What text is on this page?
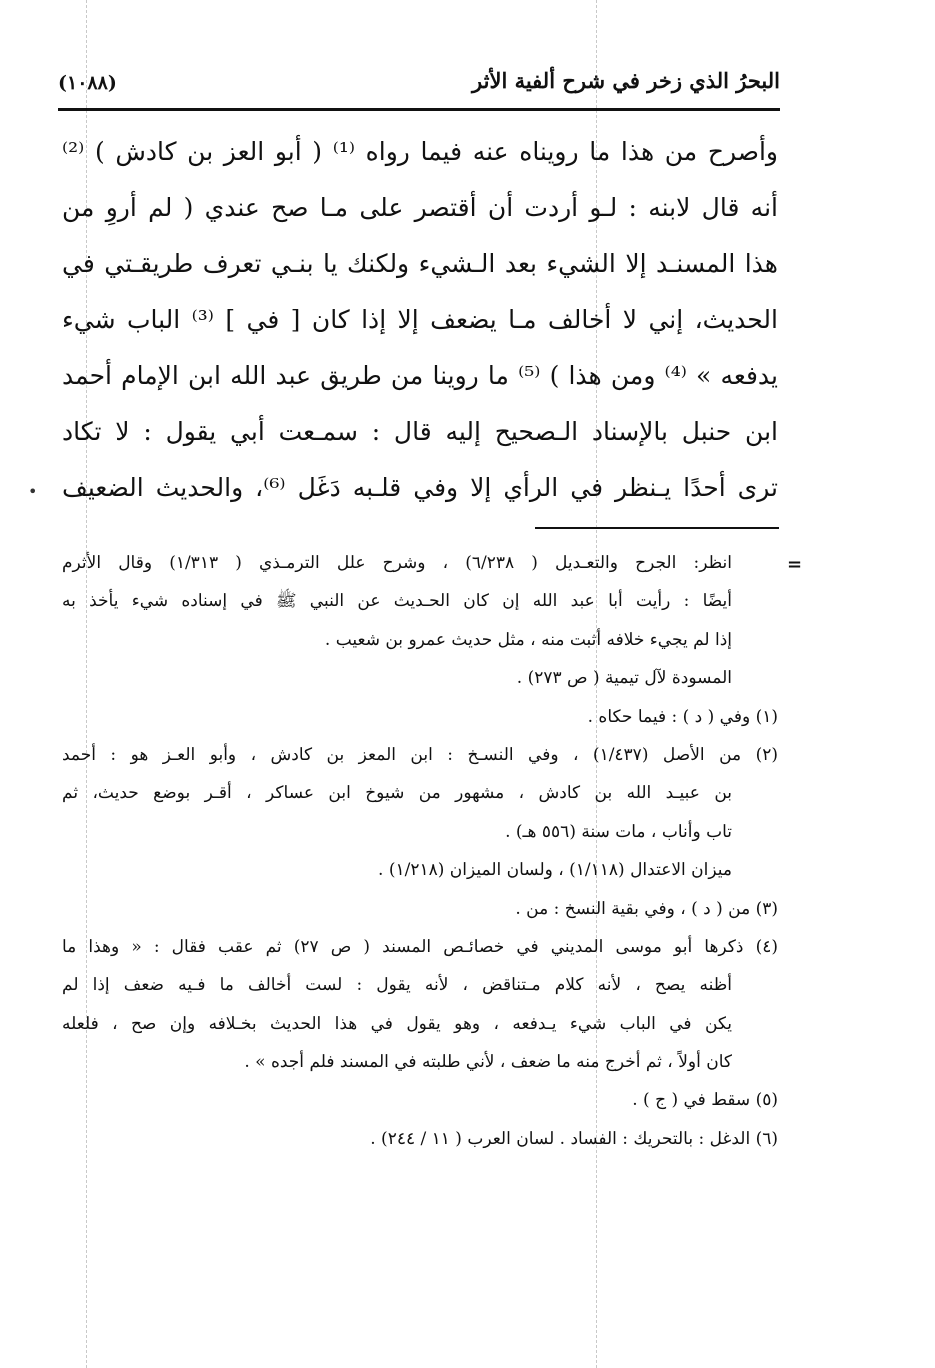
(١٠٨٨)	البحرُ الذي زخر في شرح ألفية الأثر
وأصرح من هذا ما رويناه عنه فيما رواه ⁽¹⁾ ( أبو العز بن كادش ) ⁽²⁾
أنه قال لابنه : لـو أردت أن أقتصر على مـا صح عندي ( لم أروِ من
هذا المسنـد إلا الشيء بعد الـشيء ولكنك يا بنـي تعرف طريقـتي في
الحديث، إني لا أخالف مـا يضعف إلا إذا كان [ في ] ⁽³⁾ الباب شيء
يدفعه » ⁽⁴⁾ ومن هذا ) ⁽⁵⁾ ما روينا من طريق عبد الله ابن الإمام أحمد
ابن حنبل بالإسناد الـصحيح إليه قال : سمـعت أبي يقول : لا تكاد
ترى أحدًا يـنظر في الرأي إلا وفي قلـبه دَغَل ⁽⁶⁾، والحديث الضعيف
•
=
انظر: الجرح والتعـديل ( ٦/٢٣٨) ، وشرح علل الترمـذي ( ١/٣١٣) وقال الأثرم
أيضًا : رأيت أبا عبد الله إن كان الحـديث عن النبي ﷺ في إسناده شيء يأخذ به
إذا لم يجيء خلافه أثبت منه ، مثل حديث عمرو بن شعيب .
المسودة لآل تيمية ( ص ٢٧٣) .
(١) وفي ( د ) : فيما حكاه .
(٢) من الأصل (١/٤٣٧) ، وفي النسـخ : ابن المعز بن كادش ، وأبو العـز هو : أحمد
بن عبيـد الله بن كادش ، مشهور من شيوخ ابن عساكر ، أقـر بوضع حديث، ثم
تاب وأناب ، مات سنة (٥٥٦ هـ) .
ميزان الاعتدال (١/١١٨) ، ولسان الميزان (١/٢١٨) .
(٣) من ( د ) ، وفي بقية النسخ : من .
(٤) ذكرها أبو موسى المديني في خصائـص المسند ( ص ٢٧) ثم عقب فقال : « وهذا ما
أظنه يصح ، لأنه كلام مـتناقض ، لأنه يقول : لست أخالف ما فـيه ضعف إذا لم
يكن في الباب شيء يـدفعه ، وهو يقول في هذا الحديث بخـلافه وإن صح ، فلعله
كان أولاً ، ثم أخرج منه ما ضعف ، لأني طلبته في المسند فلم أجده » .
(٥) سقط في ( ج ) .
(٦) الدغل : بالتحريك : الفساد . لسان العرب ( ١١ / ٢٤٤) .
